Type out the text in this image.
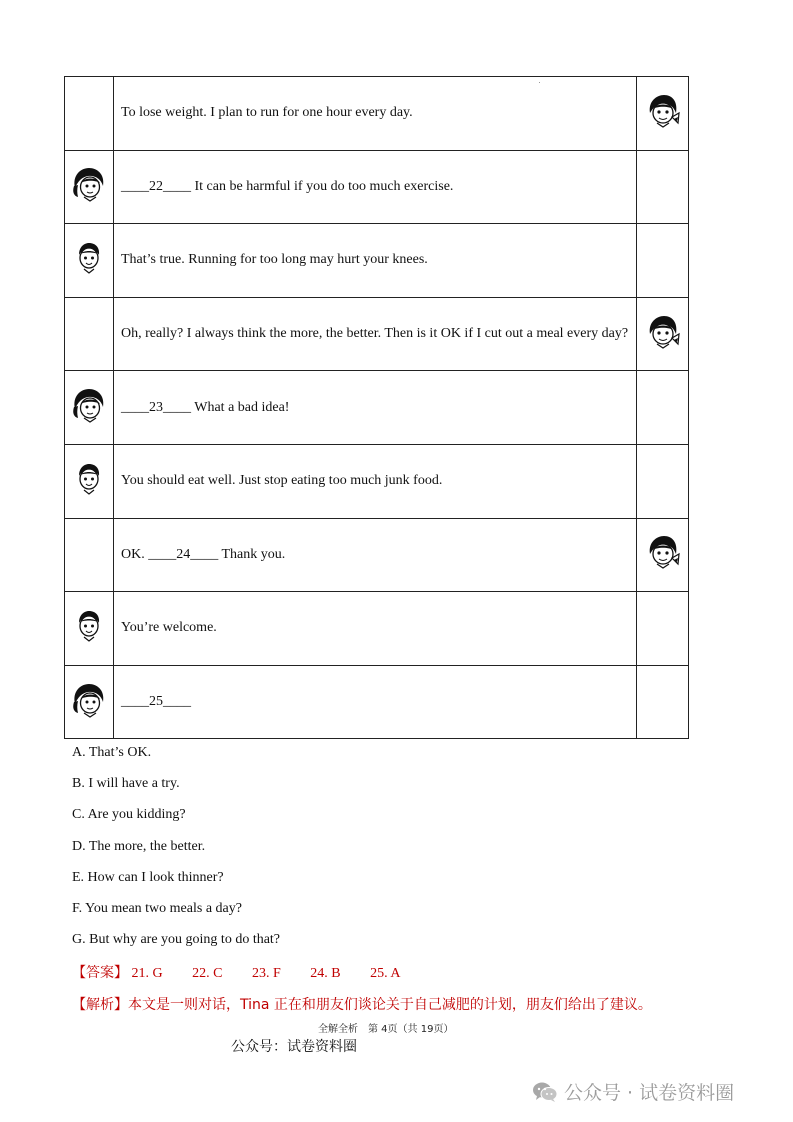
	To lose weight. I plan to run for one hour every day.	
	____22____ It can be harmful if you do too much exercise.	
	That’s true. Running for too long may hurt your knees.	
	Oh, really? I always think the more, the better. Then is it OK if I cut out a meal every day?	
	____23____ What a bad idea!	
	You should eat well. Just stop eating too much junk food.	
	OK. ____24____ Thank you.	
	You’re welcome.	
	____25____	
A. That’s OK.
B. I will have a try.
C. Are you kidding?
D. The more, the better.
E. How can I look thinner?
F. You mean two meals a day?
G. But why are you going to do that?
【答案】 21. G 22. C 23. F 24. B 25. A
【解析】本文是一则对话，Tina 正在和朋友们谈论关于自己减肥的计划，朋友们给出了建议。
全解全析　第 4页（共 19页）
公众号：试卷资料圈
公众号 · 试卷资料圈
